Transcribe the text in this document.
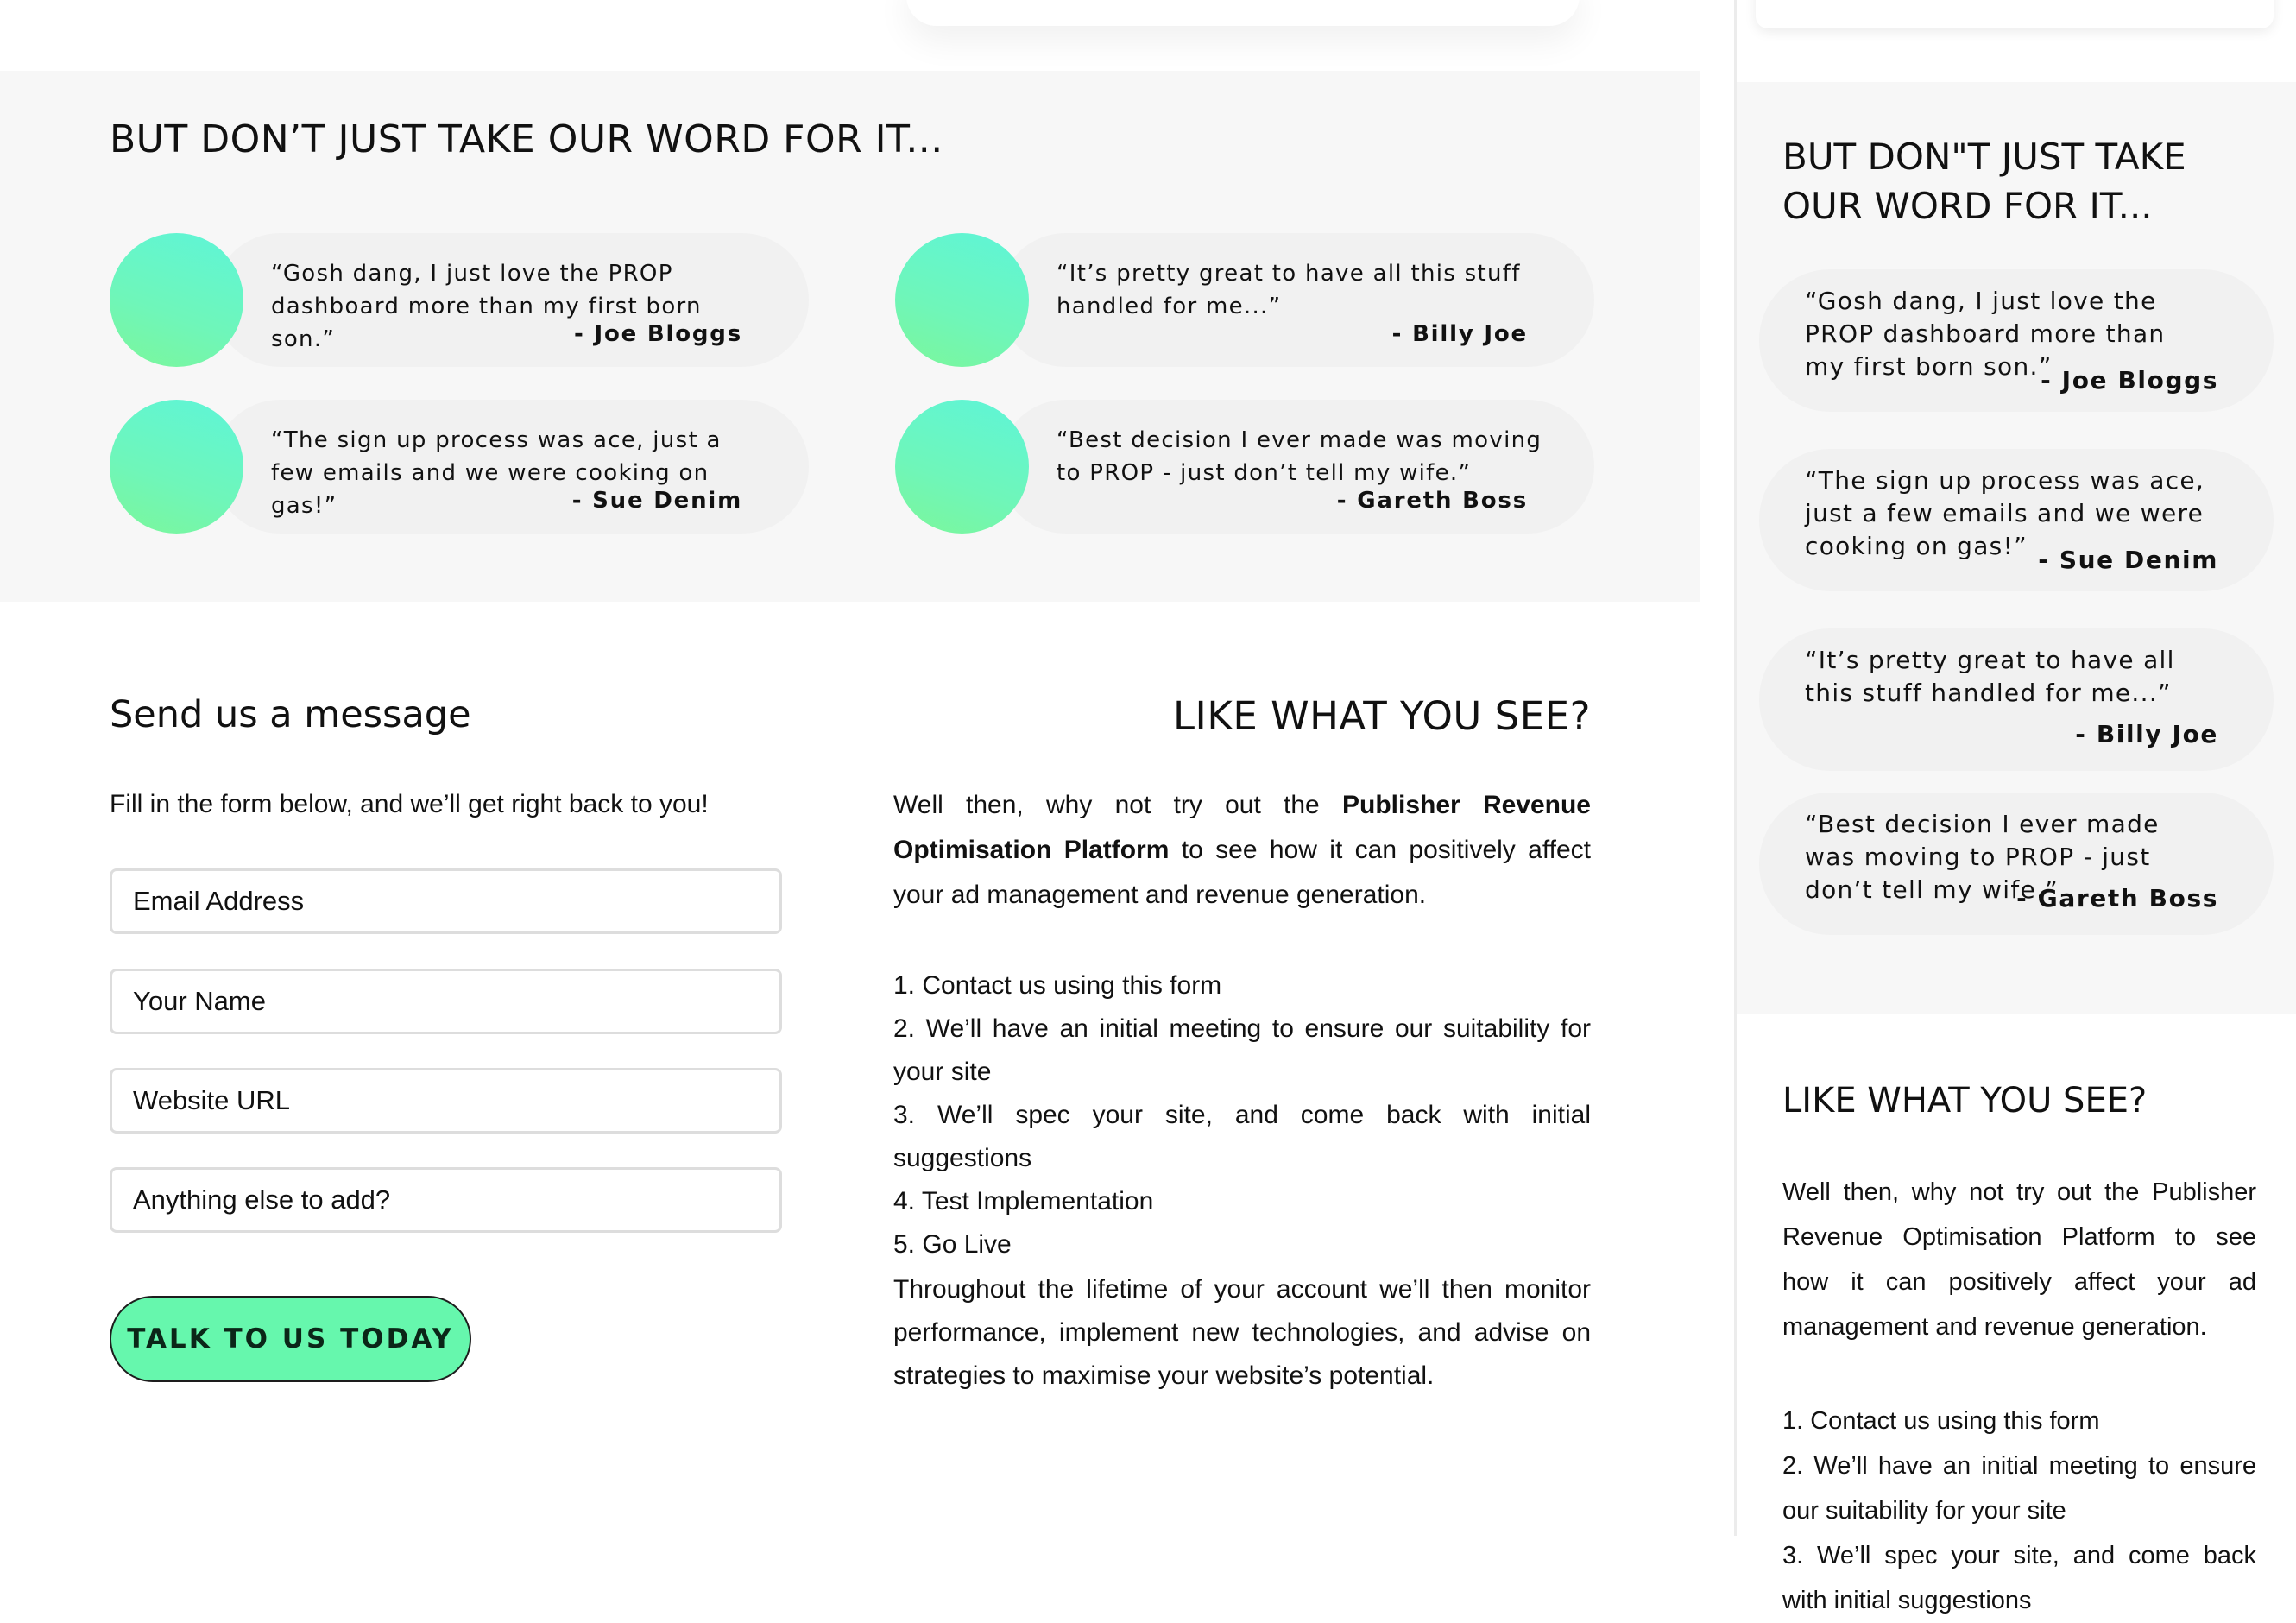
BUT DON’T JUST TAKE OUR WORD FOR IT...

“Gosh dang, I just love the PROP dashboard more than my first born son.”	- Joe Bloggs

“It’s pretty great to have all this stuff handled for me...”

- Billy Joe

“The sign up process was ace, just a few emails and we were cooking on gas!”	- Sue Denim

“Best decision I ever made was moving to PROP - just don’t tell my wife.”

- Gareth Boss

Send us a message

Fill in the form below, and we’ll get right back to you!

Email Address
Your Name
Website URL
Anything else to add?
TALK TO US TODAY
LIKE WHAT YOU SEE?

Well then, why not try out the Publisher Revenue Optimisation Platform to see how it can positively affect your ad management and revenue generation.

1. Contact us using this form
2. We’ll have an initial meeting to ensure our suitability for your site
3. We’ll spec your site, and come back with initial suggestions
4. Test Implementation
5. Go Live

Throughout the lifetime of your account we’ll then monitor performance, implement new technologies, and advise on strategies to maximise your website’s potential.

BUT DON"T JUST TAKE OUR WORD FOR IT...

“Gosh dang, I just love the PROP dashboard more than my first born son.”

- Joe Bloggs

“The sign up process was ace, just a few emails and we were cooking on gas!” - Sue Denim

“It’s pretty great to have all this stuff handled for me...”

- Billy Joe

“Best decision I ever made was moving to PROP - just don’t tell my wife.”

- Gareth Boss

LIKE WHAT YOU SEE?

Well then, why not try out the Publisher Revenue Optimisation Platform to see how it can positively affect your ad management and revenue generation.

1. Contact us using this form
2. We’ll have an initial meeting to ensure our suitability for your site
3. We’ll spec your site, and come back with initial suggestions
